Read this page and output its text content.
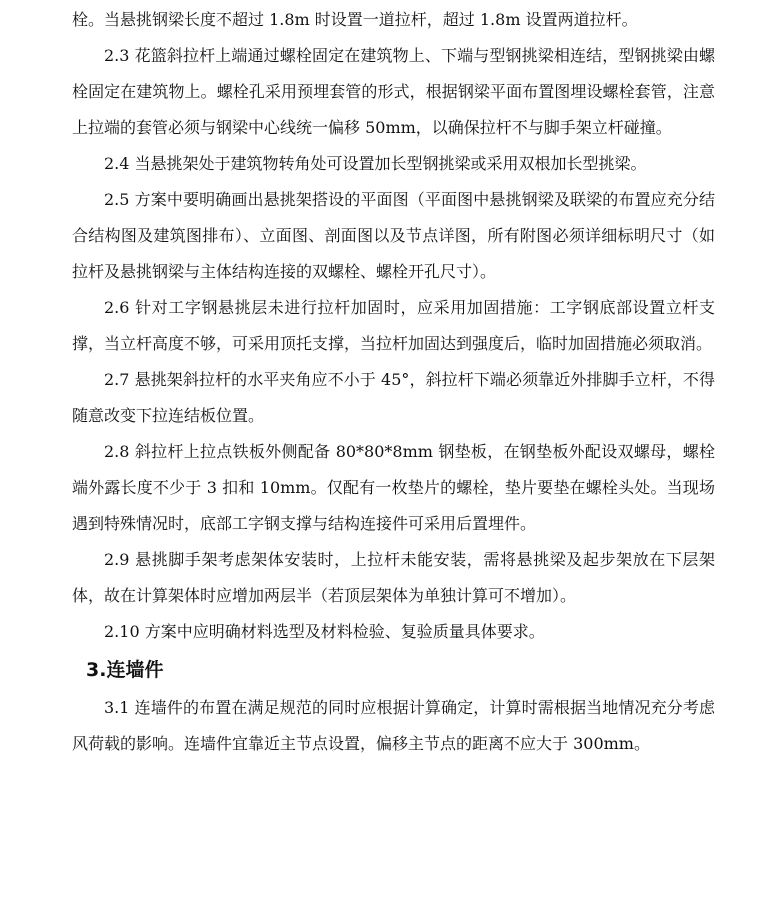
栓。当悬挑钢梁长度不超过 1.8m 时设置一道拉杆，超过 1.8m 设置两道拉杆。

2.3 花篮斜拉杆上端通过螺栓固定在建筑物上、下端与型钢挑梁相连结，型钢挑梁由螺栓固定在建筑物上。螺栓孔采用预埋套管的形式，根据钢梁平面布置图埋设螺栓套管，注意上拉端的套管必须与钢梁中心线统一偏移 50mm，以确保拉杆不与脚手架立杆碰撞。

2.4 当悬挑架处于建筑物转角处可设置加长型钢挑梁或采用双根加长型挑梁。

2.5 方案中要明确画出悬挑架搭设的平面图（平面图中悬挑钢梁及联梁的布置应充分结合结构图及建筑图排布）、立面图、剖面图以及节点详图，所有附图必须详细标明尺寸（如拉杆及悬挑钢梁与主体结构连接的双螺栓、螺栓开孔尺寸）。

2.6 针对工字钢悬挑层未进行拉杆加固时，应采用加固措施：工字钢底部设置立杆支撑，当立杆高度不够，可采用顶托支撑，当拉杆加固达到强度后，临时加固措施必须取消。

2.7 悬挑架斜拉杆的水平夹角应不小于 45°，斜拉杆下端必须靠近外排脚手立杆，不得随意改变下拉连结板位置。

2.8 斜拉杆上拉点铁板外侧配备 80*80*8mm 钢垫板，在钢垫板外配设双螺母，螺栓端外露长度不少于 3 扣和 10mm。仅配有一枚垫片的螺栓，垫片要垫在螺栓头处。当现场遇到特殊情况时，底部工字钢支撑与结构连接件可采用后置埋件。

2.9 悬挑脚手架考虑架体安装时，上拉杆未能安装，需将悬挑梁及起步架放在下层架体，故在计算架体时应增加两层半（若顶层架体为单独计算可不增加）。

2.10 方案中应明确材料选型及材料检验、复验质量具体要求。

3.连墙件

3.1 连墙件的布置在满足规范的同时应根据计算确定，计算时需根据当地情况充分考虑风荷载的影响。连墙件宜靠近主节点设置，偏移主节点的距离不应大于 300mm。
